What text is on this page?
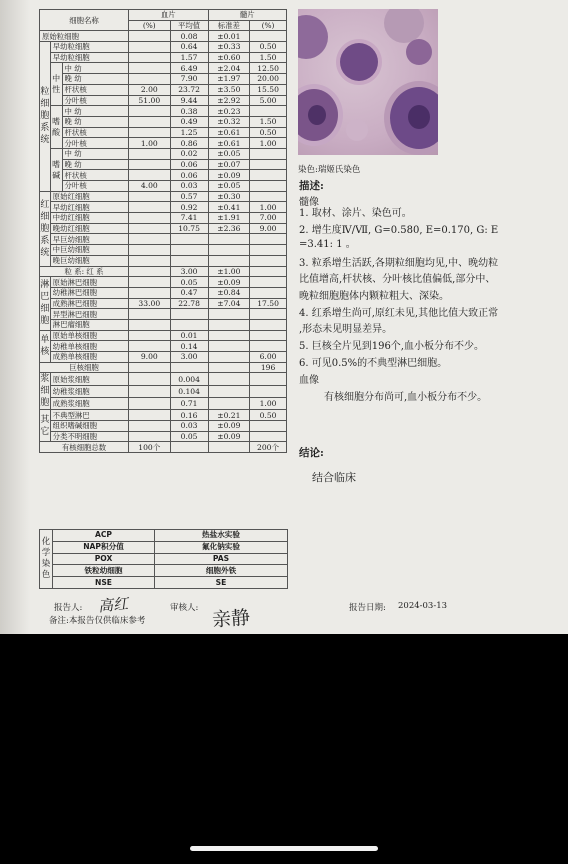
细胞名称			血片		髓片	
			(%)	平均值	标准差	(%)
原始粒细胞				0.08	±0.01	
粒细胞系统	早幼粒细胞			0.64	±0.33	0.50
	早幼粒细胞			1.57	±0.60	1.50
	中性	中 幼		6.49	±2.04	12.50
		晚 幼		7.90	±1.97	20.00
		杆状核	2.00	23.72	±3.50	15.50
		分叶核	51.00	9.44	±2.92	5.00
	嗜酸	中 幼		0.38	±0.23	
		晚 幼		0.49	±0.32	1.50
		杆状核		1.25	±0.61	0.50
		分叶核	1.00	0.86	±0.61	1.00
	嗜碱	中 幼		0.02	±0.05	
		晚 幼		0.06	±0.07	
		杆状核		0.06	±0.09	
		分叶核	4.00	0.03	±0.05	
红细胞系统	原始红细胞			0.57	±0.30	
	早幼红细胞			0.92	±0.41	1.00
	中幼红细胞			7.41	±1.91	7.00
	晚幼红细胞			10.75	±2.36	9.00
	早巨幼细胞					
	中巨幼细胞					
	晚巨幼细胞					
粒 系: 红 系				3.00	±1.00	
淋巴细胞	原始淋巴细胞			0.05	±0.09	
	幼稚淋巴细胞			0.47	±0.84	
	成熟淋巴细胞		33.00	22.78	±7.04	17.50
	异型淋巴细胞					
	淋巴瘤细胞					
单核	原始单核细胞			0.01		
	幼稚单核细胞			0.14		
	成熟单核细胞		9.00	3.00		6.00
巨核细胞						196
浆细胞	原始浆细胞			0.004		
	幼稚浆细胞			0.104		
	成熟浆细胞			0.71		1.00
其它	不典型淋巴			0.16	±0.21	0.50
	组织嗜碱细胞			0.03	±0.09	
	分类不明细胞			0.05	±0.09	
有核细胞总数			100个			200个
化学染色	ACP	热盐水实验
	NAP积分值	氟化钠实验
	POX	PAS
	铁粒幼细胞	细胞外铁
	NSE	SE
染色:瑞姬氏染色
描述:
髓像
1. 取材、涂片、染色可。
2. 增生度Ⅳ/Ⅶ, G=0.580, E=0.170, G: E
=3.41: 1 。
3. 粒系增生活跃,各期粒细胞均见,中、晚幼粒
比值增高,杆状核、分叶核比值偏低,部分中、
晚粒细胞胞体内颗粒粗大、深染。
4. 红系增生尚可,原红未见,其他比值大致正常
,形态未见明显差异。
5. 巨核全片见到196个,血小板分布不少。
6. 可见0.5%的不典型淋巴细胞。
血像
有核细胞分布尚可,血小板分布不少。
结论:
结合临床
报告人: 高红	审核人: 亲静	报告日期: 2024-03-13
备注:本报告仅供临床参考
